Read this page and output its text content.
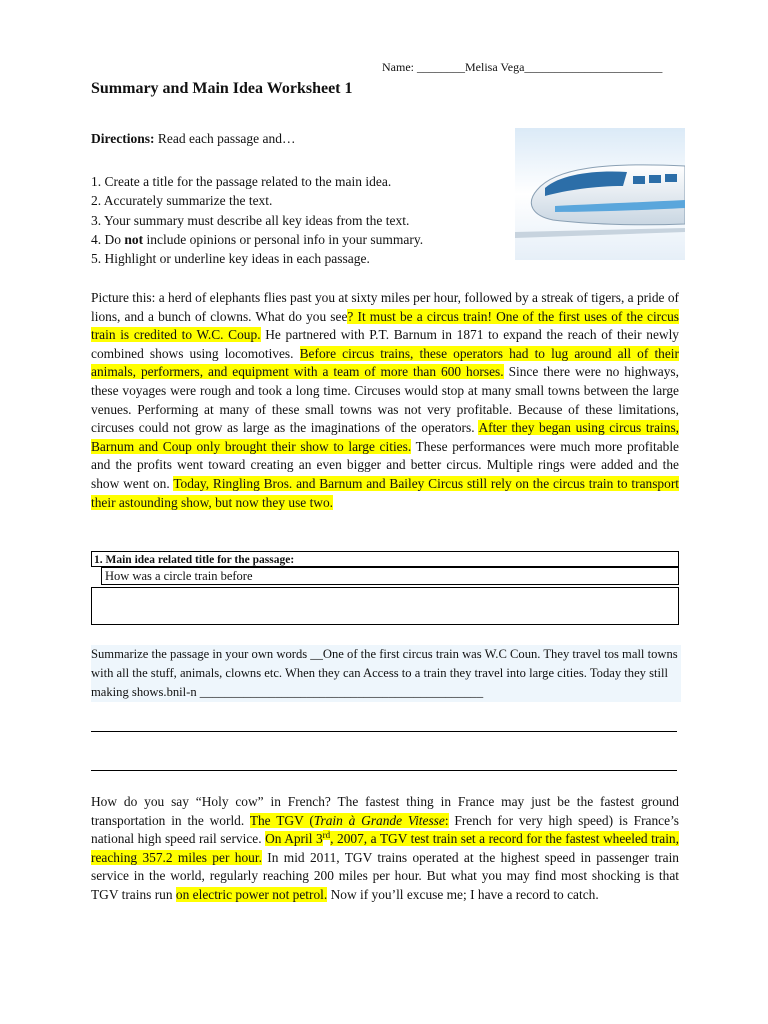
Name: ________Melisa Vega_______________________
Summary and Main Idea Worksheet 1
Directions: Read each passage and…
1. Create a title for the passage related to the main idea.
2. Accurately summarize the text.
3. Your summary must describe all key ideas from the text.
4. Do not include opinions or personal info in your summary.
5. Highlight or underline key ideas in each passage.
Picture this: a herd of elephants flies past you at sixty miles per hour, followed by a streak of tigers, a pride of lions, and a bunch of clowns. What do you see? It must be a circus train! One of the first uses of the circus train is credited to W.C. Coup. He partnered with P.T. Barnum in 1871 to expand the reach of their newly combined shows using locomotives. Before circus trains, these operators had to lug around all of their animals, performers, and equipment with a team of more than 600 horses. Since there were no highways, these voyages were rough and took a long time. Circuses would stop at many small towns between the large venues. Performing at many of these small towns was not very profitable. Because of these limitations, circuses could not grow as large as the imaginations of the operators. After they began using circus trains, Barnum and Coup only brought their show to large cities. These performances were much more profitable and the profits went toward creating an even bigger and better circus. Multiple rings were added and the show went on. Today, Ringling Bros. and Barnum and Bailey Circus still rely on the circus train to transport their astounding show, but now they use two.
1. Main idea related title for the passage:
How was a circle train before
Summarize the passage in your own words __One of the first circus train was W.C Coun. They travel tos mall towns with all the stuff, animals, clowns etc. When they can Access to a train they travel into large cities. Today they still making shows.bnil-n _____________________________________________
How do you say “Holy cow” in French? The fastest thing in France may just be the fastest ground transportation in the world. The TGV (Train à Grande Vitesse: French for very high speed) is France’s national high speed rail service. On April 3rd, 2007, a TGV test train set a record for the fastest wheeled train, reaching 357.2 miles per hour. In mid 2011, TGV trains operated at the highest speed in passenger train service in the world, regularly reaching 200 miles per hour. But what you may find most shocking is that TGV trains run on electric power not petrol. Now if you’ll excuse me; I have a record to catch.
